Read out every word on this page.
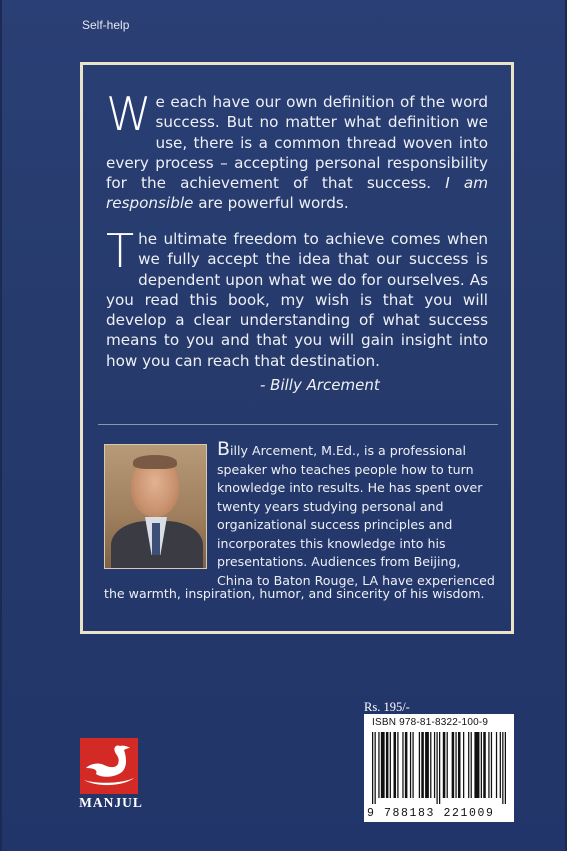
Self-help
We each have our own definition of the word success. But no matter what definition we use, there is a common thread woven into every process – accepting personal responsibility for the achievement of that success. I am responsible are powerful words.
The ultimate freedom to achieve comes when we fully accept the idea that our success is dependent upon what we do for ourselves. As you read this book, my wish is that you will develop a clear understanding of what success means to you and that you will gain insight into how you can reach that destination.
- Billy Arcement
Billy Arcement, M.Ed., is a professional
speaker who teaches people how to turn
knowledge into results. He has spent over
twenty years studying personal and
organizational success principles and
incorporates this knowledge into his
presentations. Audiences from Beijing,
China to Baton Rouge, LA have experienced
the warmth, inspiration, humor, and sincerity of his wisdom.
Rs. 195/-
ISBN 978-81-8322-100-9
9 788183 221009
MANJUL
